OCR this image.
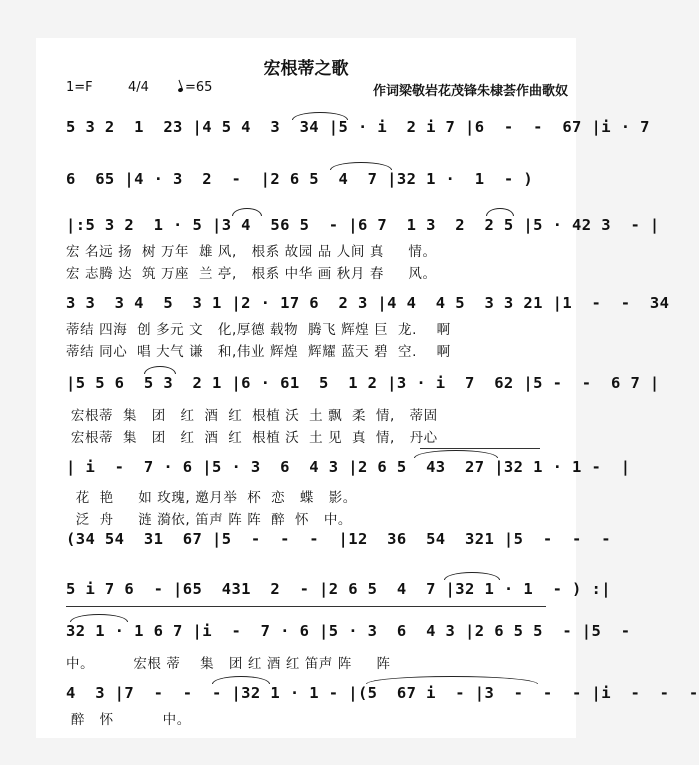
宏根蒂之歌
1=F	4/4	=65	作词梁敬岩花茂锋朱棣荟作曲歌奴
5 3 2  1  23 |4 5 4  3  34 |5 · i  2 i 7 |6  -  -  67 |i · 7
6  65 |4 · 3  2  -  |2 6 5  4  7 |32 1 ·  1  - )
|:5 3 2  1 · 5 |3 4  56 5  - |6 7  1 3  2  2 5 |5 · 42 3  - |
宏 名远 扬  树 万年  雄 风,   根系 故园 品 人间 真     情。
宏 志腾 达  筑 万座  兰 亭,   根系 中华 画 秋月 春     风。
3 3  3 4  5  3 1 |2 · 17 6  2 3 |4 4  4 5  3 3 21 |1  -  -  34
蒂结 四海  创 多元 文   化,厚德 载物  腾飞 辉煌 巨  龙.    啊
蒂结 同心  唱 大气 谦   和,伟业 辉煌  辉耀 蓝天 碧  空.    啊
|5 5 6  5 3  2 1 |6 · 61  5  1 2 |3 · i  7  62 |5 -  -  6 7 |
宏根蒂  集   团   红  酒  红  根植 沃  土 飘  柔  情,   蒂固
宏根蒂  集   团   红  酒  红  根植 沃  土 见  真  情,   丹心
| i  -  7 · 6 |5 · 3  6  4 3 |2 6 5  43  27 |32 1 · 1 -  |
花  艳     如 玫瑰, 邀月举  杯  恋   蝶   影。
泛  舟     涟 漪依, 笛声 阵 阵  醉  怀   中。
(34 54  31  67 |5  -  -  -  |12  36  54  321 |5  -  -  -
5 i 7 6  - |65  431  2  - |2 6 5  4  7 |32 1 · 1  - ) :|
32 1 · 1 6 7 |i  -  7 · 6 |5 · 3  6  4 3 |2 6 5 5  - |5  -
中。        宏根 蒂    集   团 红 酒 红 笛声 阵     阵
4  3 |7  -  -  - |32 1 · 1 - |(5  67 i  - |3  -  -  - |i  -  -  -
醉   怀          中。
